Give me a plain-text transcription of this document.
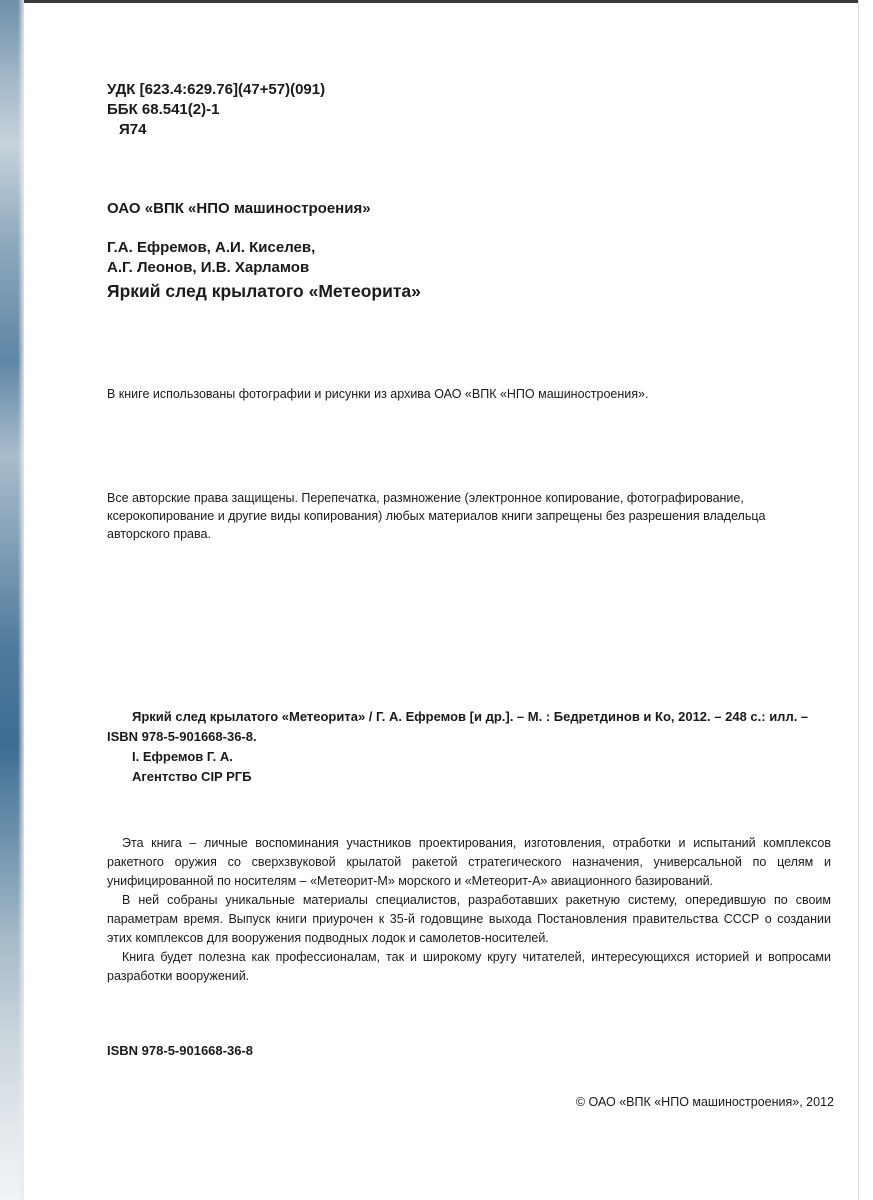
УДК [623.4:629.76](47+57)(091)
ББК 68.541(2)-1
Я74
ОАО «ВПК «НПО машиностроения»
Г.А. Ефремов, А.И. Киселев,
А.Г. Леонов, И.В. Харламов
Яркий след крылатого «Метеорита»
В книге использованы фотографии и рисунки из архива ОАО «ВПК «НПО машиностроения».
Все авторские права защищены. Перепечатка, размножение (электронное копирование, фотографирование,
ксерокопирование и другие виды копирования) любых материалов книги запрещены без разрешения владельца
авторского права.
Яркий след крылатого «Метеорита» / Г. А. Ефремов [и др.]. – М. : Бедретдинов и Ко, 2012. – 248 с.: илл. –
ISBN 978-5-901668-36-8.
I. Ефремов Г. А.
Агентство CIP РГБ

Эта книга – личные воспоминания участников проектирования, изготовления, отработки и испытаний комплексов ракетного оружия со сверхзвуковой крылатой ракетой стратегического назначения, универсальной по целям и унифицированной по носителям – «Метеорит-М» морского и «Метеорит-А» авиационного базирований.

В ней собраны уникальные материалы специалистов, разработавших ракетную систему, опередившую по своим параметрам время. Выпуск книги приурочен к 35-й годовщине выхода Постановления правительства СССР о создании этих комплексов для вооружения подводных лодок и самолетов-носителей.

Книга будет полезна как профессионалам, так и широкому кругу читателей, интересующихся историей и вопросами разработки вооружений.

ISBN 978-5-901668-36-8
© ОАО «ВПК «НПО машиностроения», 2012
